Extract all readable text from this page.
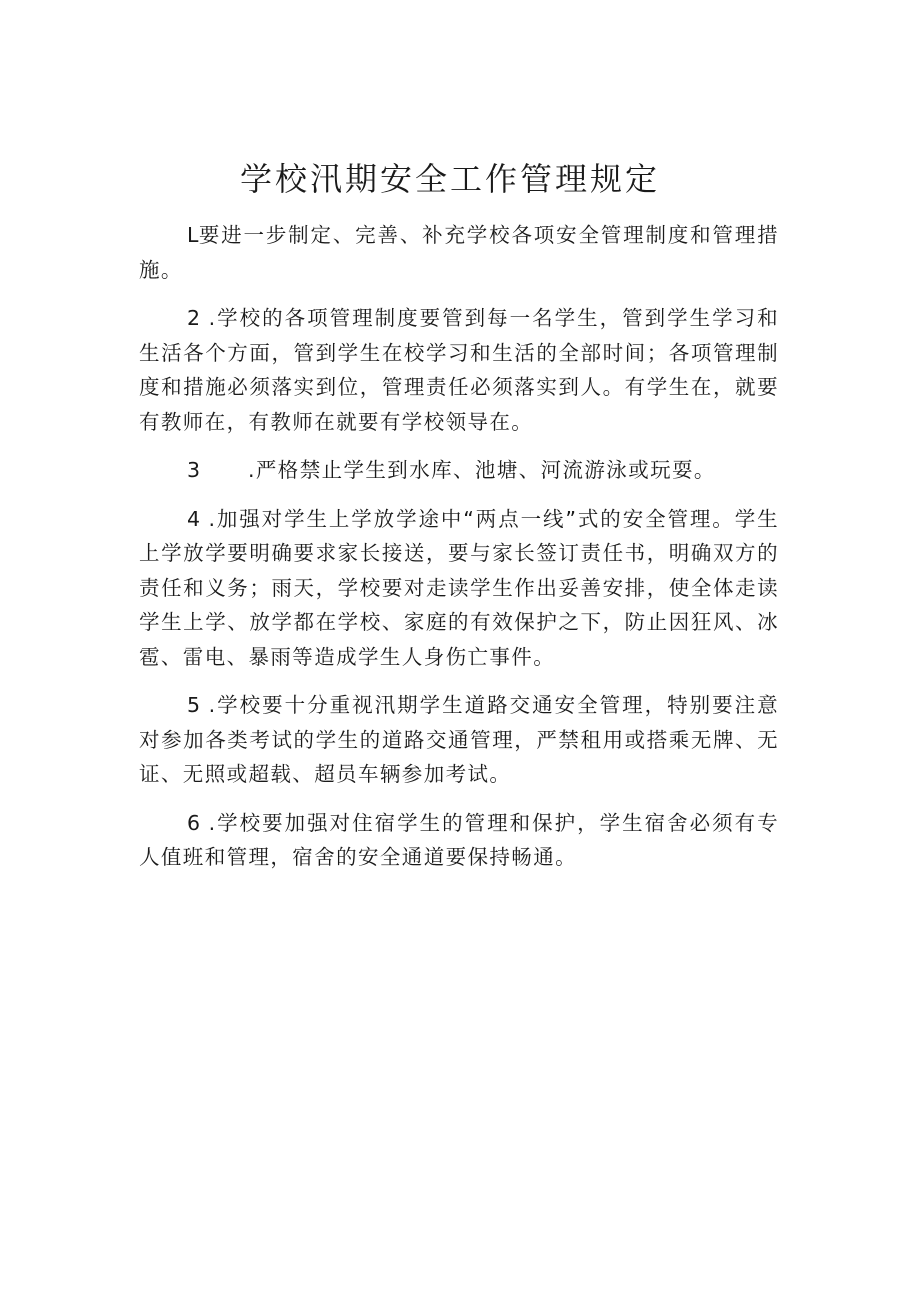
学校汛期安全工作管理规定

L要进一步制定、完善、补充学校各项安全管理制度和管理措施。

2 .学校的各项管理制度要管到每一名学生，管到学生学习和生活各个方面，管到学生在校学习和生活的全部时间；各项管理制度和措施必须落实到位，管理责任必须落实到人。有学生在，就要有教师在，有教师在就要有学校领导在。

3 .严格禁止学生到水库、池塘、河流游泳或玩耍。

4 .加强对学生上学放学途中“两点一线”式的安全管理。学生上学放学要明确要求家长接送，要与家长签订责任书，明确双方的责任和义务；雨天，学校要对走读学生作出妥善安排，使全体走读学生上学、放学都在学校、家庭的有效保护之下，防止因狂风、冰雹、雷电、暴雨等造成学生人身伤亡事件。

5 .学校要十分重视汛期学生道路交通安全管理，特别要注意对参加各类考试的学生的道路交通管理，严禁租用或搭乘无牌、无证、无照或超载、超员车辆参加考试。

6 .学校要加强对住宿学生的管理和保护，学生宿舍必须有专人值班和管理，宿舍的安全通道要保持畅通。
